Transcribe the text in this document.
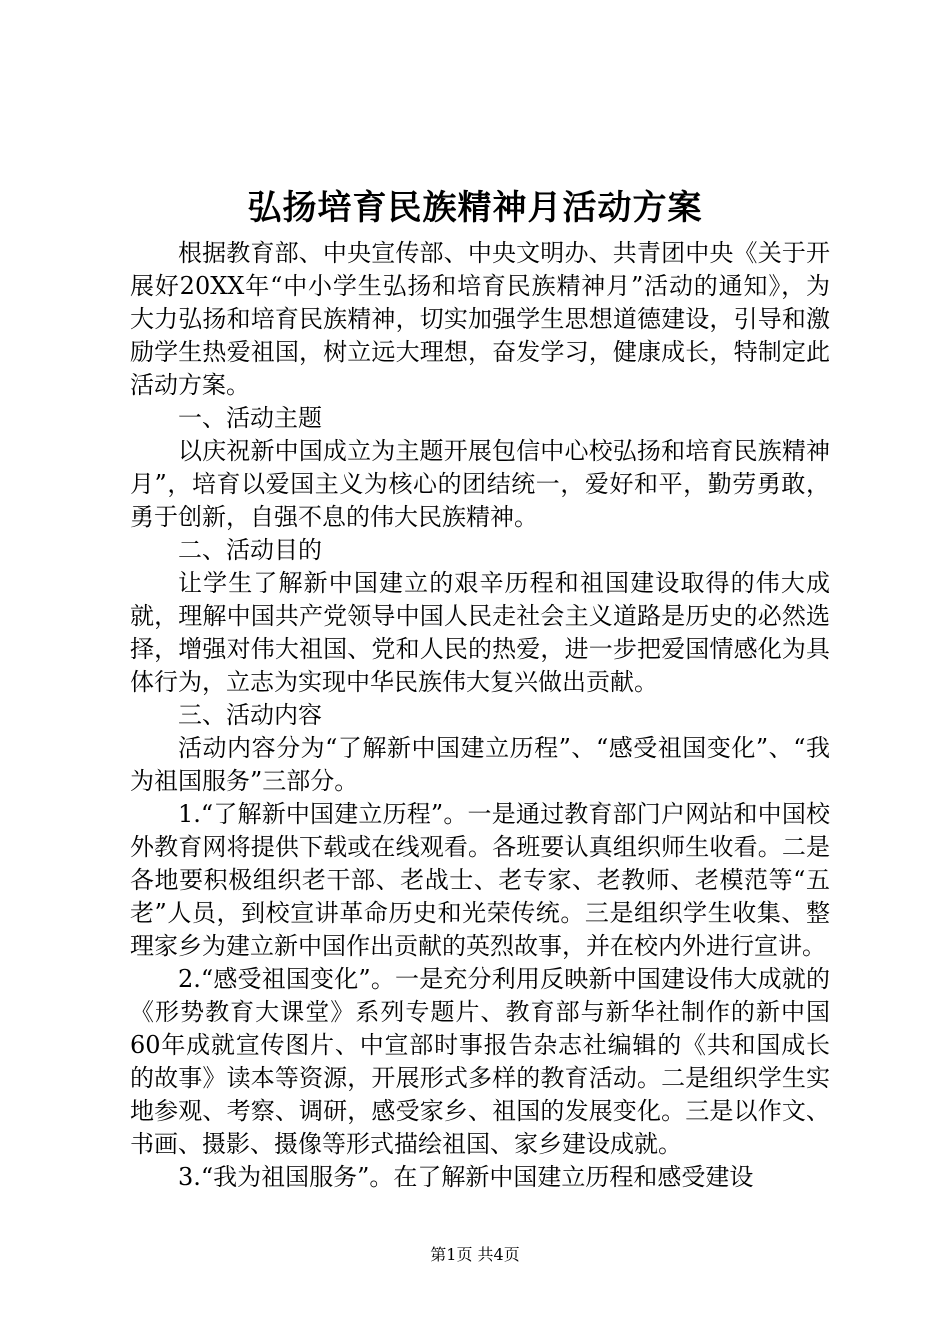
弘扬培育民族精神月活动方案

根据教育部、中央宣传部、中央文明办、共青团中央《关于开展好20XX年“中小学生弘扬和培育民族精神月”活动的通知》，为大力弘扬和培育民族精神，切实加强学生思想道德建设，引导和激励学生热爱祖国，树立远大理想，奋发学习，健康成长，特制定此活动方案。

一、活动主题

以庆祝新中国成立为主题开展包信中心校弘扬和培育民族精神月”，培育以爱国主义为核心的团结统一，爱好和平，勤劳勇敢，勇于创新，自强不息的伟大民族精神。

二、活动目的

让学生了解新中国建立的艰辛历程和祖国建设取得的伟大成就，理解中国共产党领导中国人民走社会主义道路是历史的必然选择，增强对伟大祖国、党和人民的热爱，进一步把爱国情感化为具体行为，立志为实现中华民族伟大复兴做出贡献。

三、活动内容

活动内容分为“了解新中国建立历程”、“感受祖国变化”、“我为祖国服务”三部分。

1.“了解新中国建立历程”。一是通过教育部门户网站和中国校外教育网将提供下载或在线观看。各班要认真组织师生收看。二是各地要积极组织老干部、老战士、老专家、老教师、老模范等“五老”人员，到校宣讲革命历史和光荣传统。三是组织学生收集、整理家乡为建立新中国作出贡献的英烈故事，并在校内外进行宣讲。

2.“感受祖国变化”。一是充分利用反映新中国建设伟大成就的《形势教育大课堂》系列专题片、教育部与新华社制作的新中国60年成就宣传图片、中宣部时事报告杂志社编辑的《共和国成长的故事》读本等资源，开展形式多样的教育活动。二是组织学生实地参观、考察、调研，感受家乡、祖国的发展变化。三是以作文、书画、摄影、摄像等形式描绘祖国、家乡建设成就。

3.“我为祖国服务”。在了解新中国建立历程和感受建设

第1页 共4页
